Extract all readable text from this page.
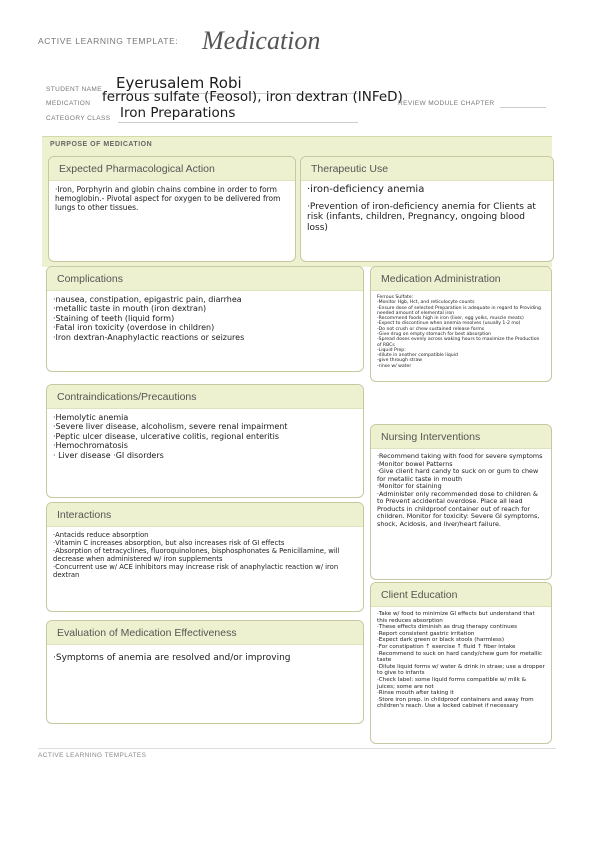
ACTIVE LEARNING TEMPLATE: Medication
STUDENT NAME Eyerusalem Robi
MEDICATION ferrous sulfate (Feosol), iron dextran (INFeD)
REVIEW MODULE CHAPTER
CATEGORY CLASS Iron Preparations
PURPOSE OF MEDICATION
Expected Pharmacological Action
·Iron, Porphyrin and globin chains combine in order to form hemoglobin.- Pivotal aspect for oxygen to be delivered from lungs to other tissues.
Therapeutic Use
·iron-deficiency anemia
·Prevention of iron-deficiency anemia for Clients at risk (infants, children, Pregnancy, ongoing blood loss)
Complications
·nausea, constipation, epigastric pain, diarrhea
·metallic taste in mouth (iron dextran)
·Staining of teeth (liquid form)
·Fatal iron toxicity (overdose in children)
·Iron dextran-Anaphylactic reactions or seizures
Medication Administration
Ferrous Sulfate:
-Monitor Hgb, Hct, and reticulocyte counts
-Ensure dose of selected Preparation is adequate in regard to Providing needed amount of elemental iron
-Recommend foods high in iron (liver, egg yolks, muscle meats)
-Expect to discontinue when anemia resolves (usually 1-2 mo)
-Do not crush or chew sustained release forms
-Give drug on empty stomach for best absorption
-Spread doses evenly across waking hours to maximize the Production of RBCs
-Liquid Prep:
-dilute in another compatible liquid
-give through straw
-rinse w/ water
Contraindications/Precautions
·Hemolytic anemia
·Severe liver disease, alcoholism, severe renal impairment
·Peptic ulcer disease, ulcerative colitis, regional enteritis
·Hemochromatosis
· Liver disease ·GI disorders
Nursing Interventions
·Recommend taking with food for severe symptoms
·Monitor bowel Patterns
·Give client hard candy to suck on or gum to chew for metallic taste in mouth
·Monitor for staining
·Administer only recommended dose to children & to Prevent accidental overdose. Place all lead Products in childproof container out of reach for children. Monitor for toxicity: Severe GI symptoms, shock, Acidosis, and liver/heart failure.
Interactions
·Antacids reduce absorption
·Vitamin C increases absorption, but also increases risk of GI effects
·Absorption of tetracyclines, fluoroquinolones, bisphosphonates & Penicillamine, will decrease when administered w/ iron supplements
·Concurrent use w/ ACE inhibitors may increase risk of anaphylactic reaction w/ iron dextran
Client Education
·Take w/ food to minimize GI effects but understand that this reduces absorption
·These effects diminish as drug therapy continues
·Report consistent gastric irritation
·Expect dark green or black stools (harmless)
·For constipation ↑ exercise ↑ fluid ↑ fiber intake
·Recommend to suck on hard candy/chew gum for metallic taste
·Dilute liquid forms w/ water & drink in straw; use a dropper to give to infants
·Check label: some liquid forms compatible w/ milk & juices; some are not
·Rinse mouth after taking it
·Store iron prep. in childproof containers and away from children's reach. Use a locked cabinet if necessary
Evaluation of Medication Effectiveness
·Symptoms of anemia are resolved and/or improving
ACTIVE LEARNING TEMPLATES
